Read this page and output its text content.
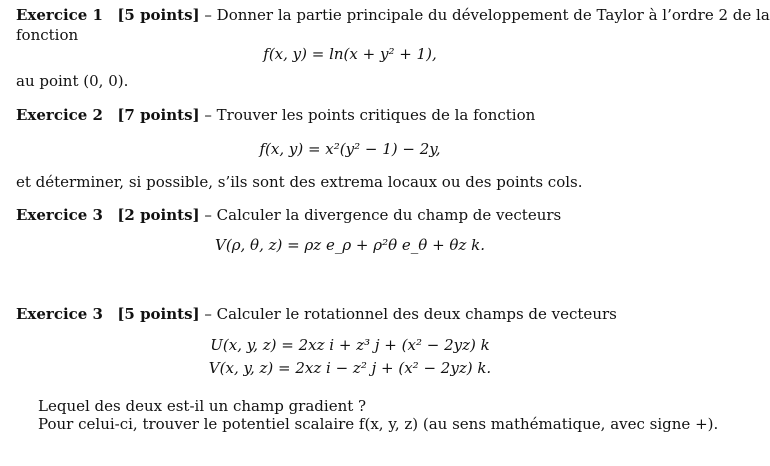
Exercice 1 [5 points] – Donner la partie principale du développement de Taylor à l’ordre 2 de la
fonction
f(x, y) = ln(x + y² + 1),
au point (0, 0).
Exercice 2 [7 points] – Trouver les points critiques de la fonction
f(x, y) = x²(y² − 1) − 2y,
et déterminer, si possible, s’ils sont des extrema locaux ou des points cols.
Exercice 3 [2 points] – Calculer la divergence du champ de vecteurs
V(ρ, θ, z) = ρz e_ρ + ρ²θ e_θ + θz k.
Exercice 3 [5 points] – Calculer le rotationnel des deux champs de vecteurs
U(x, y, z) = 2xz i + z³ j + (x² − 2yz) k
V(x, y, z) = 2xz i − z² j + (x² − 2yz) k.
Lequel des deux est-il un champ gradient ?
Pour celui-ci, trouver le potentiel scalaire f(x, y, z) (au sens mathématique, avec signe +).
